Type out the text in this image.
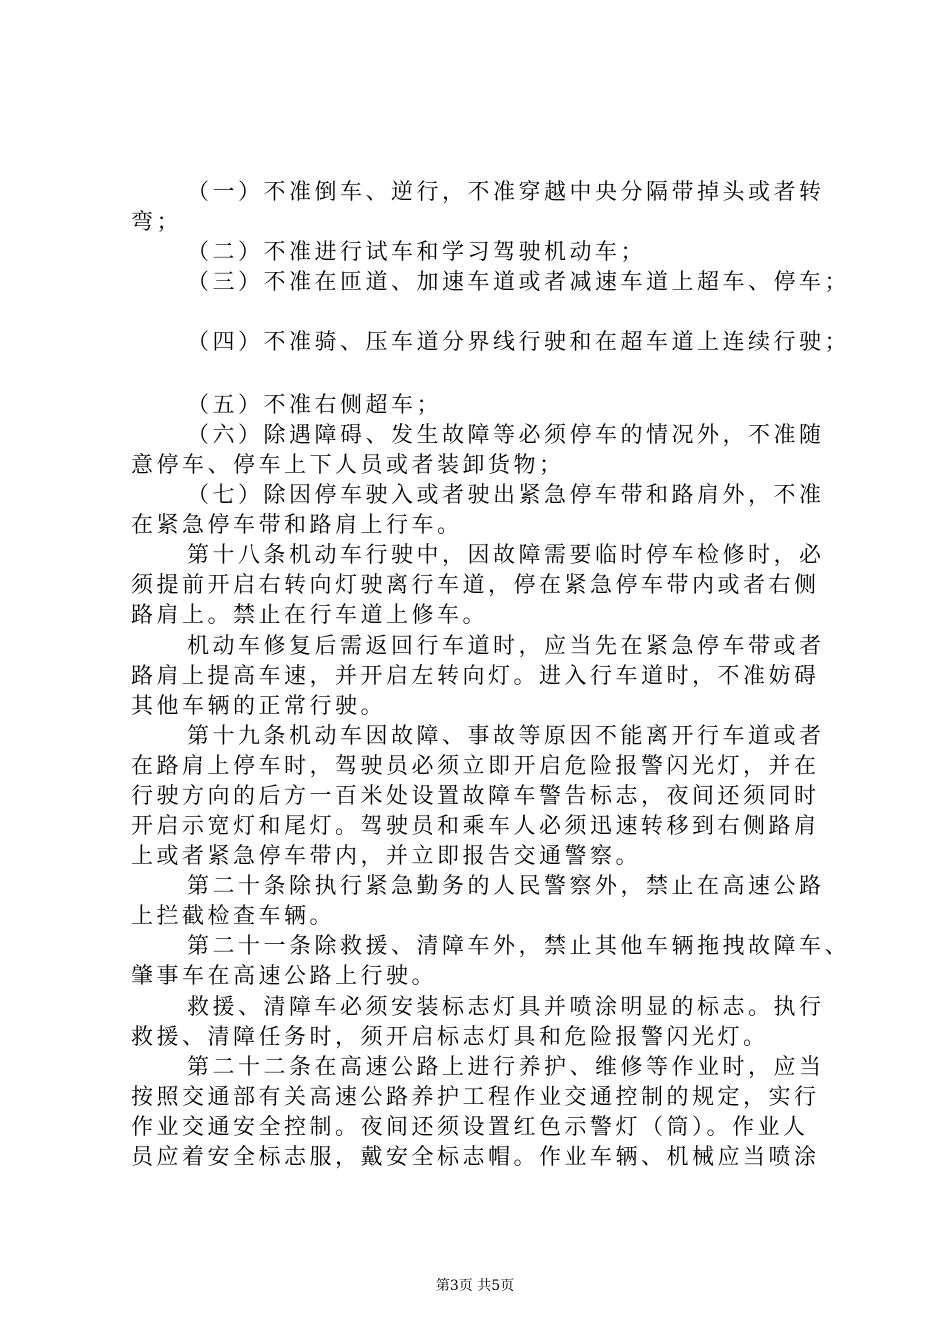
（一）不准倒车、逆行，不准穿越中央分隔带掉头或者转
弯；
（二）不准进行试车和学习驾驶机动车；
（三）不准在匝道、加速车道或者减速车道上超车、停车；
（四）不准骑、压车道分界线行驶和在超车道上连续行驶；
（五）不准右侧超车；
（六）除遇障碍、发生故障等必须停车的情况外，不准随
意停车、停车上下人员或者装卸货物；
（七）除因停车驶入或者驶出紧急停车带和路肩外，不准
在紧急停车带和路肩上行车。
第十八条机动车行驶中，因故障需要临时停车检修时，必
须提前开启右转向灯驶离行车道，停在紧急停车带内或者右侧
路肩上。禁止在行车道上修车。
机动车修复后需返回行车道时，应当先在紧急停车带或者
路肩上提高车速，并开启左转向灯。进入行车道时，不准妨碍
其他车辆的正常行驶。
第十九条机动车因故障、事故等原因不能离开行车道或者
在路肩上停车时，驾驶员必须立即开启危险报警闪光灯，并在
行驶方向的后方一百米处设置故障车警告标志，夜间还须同时
开启示宽灯和尾灯。驾驶员和乘车人必须迅速转移到右侧路肩
上或者紧急停车带内，并立即报告交通警察。
第二十条除执行紧急勤务的人民警察外，禁止在高速公路
上拦截检查车辆。
第二十一条除救援、清障车外，禁止其他车辆拖拽故障车、
肇事车在高速公路上行驶。
救援、清障车必须安装标志灯具并喷涂明显的标志。执行
救援、清障任务时，须开启标志灯具和危险报警闪光灯。
第二十二条在高速公路上进行养护、维修等作业时，应当
按照交通部有关高速公路养护工程作业交通控制的规定，实行
作业交通安全控制。夜间还须设置红色示警灯（筒）。作业人
员应着安全标志服，戴安全标志帽。作业车辆、机械应当喷涂
第3页 共5页
